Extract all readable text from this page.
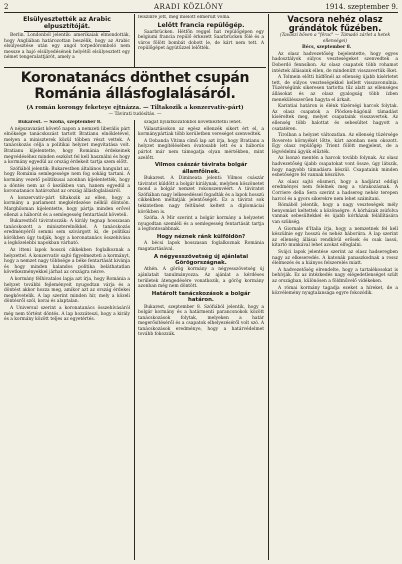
2	ARADI KÖZLÖNY	1914. szeptember 9.
Elsülyesztették az Arabic elpusztítóját.

Berlin. Londonból jelentik: amerikaiak elmondották, hogy Angliában határozottan beszélik, hogy az Arabic elsülyesztése után egy angol torpedóromboló nem messze a hajó elsülyedésének helyétől elsülyesztett egy német tengeralattjárót, amely a

felszinre jött, még mielőtt elmerült volna.

Lelőtt francia repülőgép.

Saarbrücken. Hétfőn reggel hat repülőgépen egy belgiumi francia repülő érkezett Saarbrücken fölé és a város fölött bombát dobott le, de kárt nem tett. A repülőgépet ágyútűzzel lelőtték.

Koronatanács dönthet csupán
Románia állásfoglalásáról.
(A román korongy feketeye ejtnázza. — Tiltakozik a konzervativ-párt)
— Távirati tudósítás. —

Bukarest. — Szófia, szeptember 8.

A népszavazást követő napon a nemzeti liberális párt elnöksége tanácskozást tartott Bratianu elnökletével, melyen a miniszterek közül többen részt vettek. A tanácskozás célja a politikai helyzet megvitatása volt. Bratianu kijelentette, hogy Románia érdekeinek megvédéséhez minden eszközt fel kell használni és hogy a kormány egyedül az ország érdekeit tartja szem előtt.

Szófiából jelentik: Bukarestben általános hangulat az, hogy Románia semlegessége nem fog sokáig tartani. A kormány vezető politikusai azonban kijelentették, hogy a döntés nem az ő kezükben van, hanem egyedül a koronatanács határozhat az ország állásfoglalásáról.

A konzervativ-párt tiltakozik az ellen, hogy a kormány a parlament megkérdezése nélkül döntsön. Marghiloman kijelentette, hogy pártja minden erővel ellenzi a háborút és a semlegesség fentartását követeli.

Bukarestből táviratozzák: A király tegnap hosszasan tanácskozott a miniszterelnökkel. A tanácskozás eredményéről semmi sem szivárgott ki, de politikai körökben úgy tudják, hogy a koronatanács összehívása a legközelebbi napokban várható.

Az itteni lapok hosszú cikkekben foglalkoznak a helyzettel. A konzervativ sajtó figyelmezteti a kormányt, hogy a nemzet nagy többsége a béke fentartását kivánja és hogy minden kalandos politika beláthatatlan következményekkel járhat az országra nézve.

A kormány félhivatalos lapja azt írja, hogy Románia a helyzet további fejleményeit nyugodtan várja és a döntést akkor hozza meg, amikor azt az ország érdekei megkövetelik. A lap szerint minden hír, mely a közeli döntésről szól, korai és alaptalan.

A Universul szerint a koronatanács összehívásáról még nem történt döntés. A lap hozzáteszi, hogy a király és a kormány között teljes az egyetértés.

szágát nyilatkozatokból következtetni lehet.

Választásokon az egész ellenzék sikert ért el, a kormánypártiak több kerületben vereséget szenvedtek.

A Dobanda Vitima című lap azt írja, hogy Bratianu a helyzet megítélésében óvatosabb lett és a háborús pártot már nem támogatja olyan mértékben, mint azelőtt.

Vilmos császár távirata bolgár államfőinek.

Bukarest. A Dimineata jelenti: Vilmos császár táviratot küldött a bolgár királynak, melyben köszönetet mond a bolgár nemzet rokonszenvéért. A táviratot Szófiában nagy lelkesedéssel fogadták és a lapok hosszú cikkekben méltatják jelentőségét. Ez a távirat sok tekintetben nagy feltűnést keltett a diplomáciai körökben is.

Szófia. A Mir szerint a bolgár kormány a helyzetet nyugodtan szemléli és a semlegesség fentartását tartja a legfontosabbnak.

Hogy néznek ránk külföldön?

A bécsi lapok hosszasan foglalkoznak Románia magatartásával.

A négyesszövetség új ajánlatai Görögországnak.

Athén. A görög kormány a négyesszövetség új ajánlatait tanulmányozza. Az ajánlat a kérdéses területek átengedésére vonatkozik, a görög kormány azonban még nem döntött.

Határolt tanácskozások a bolgár határon.

Bukarest, szeptember 8. Szófiából jelentik, hogy a bolgár kormány és a határmenti parancsnokok között tanácskozások folytak, melyeken a határ megerősítéséről és a csapatok elhelyezéséről volt szó. A tanácskozások eredménye, hogy a határvédelmet tovább fokozzák.

Vacsora nehéz olasz grándátok fűzében.

(Tavaszi bőven a "férac" — Támadó zárlet a hetek ellenségei)

Bécs, szeptember 8.

Az olasz hadvezetőség bejelentette, hogy egyes hadosztályok súlyos veszteségeket szenvedtek a Doberdó fennsíkon. Az olasz csapatok több rohamot intéztek állásaink ellen, de mindenütt visszavertük őket.

A Tolmein előtti hídfőnél az ellenség újabb kísérletet tett, de súlyos veszteségekkel kellett visszavonulnia. Tüzérségünk sikeresen tartotta tűz alatt az ellenséges állásokat és az olasz gyalogság több ízben menekülésszerűen hagyta el árkait.

Karintiai határon is élénk tüzérségi harcok folytak. Az olasz csapatok a Plöcken-hágónál támadást kíséreltek meg, melyet csapataink visszavertek. Az ellenség több halottat és sebesültet hagyott a csatatéren.

Tirolban a helyzet változatlan. Az ellenség tüzérsége Rovereto környékét lőtte, kárt azonban nem okozott. Egy olasz repülőgép Trient fölött megjelent, de a légvédelmi ágyúk elűzték.

Az Isonzó mentén a harcok tovább folynak. Az olasz hadvezetőség újabb csapatokat vont össze, úgy látszik, hogy nagyobb támadásra készül. Csapataink minden eshetőségre fel vannak készülve.

Az olasz sajtó elismeri, hogy a hadjárat eddigi eredményei nem felelnek meg a várakozásnak. A Corriere della Sera szerint a hadsereg nehéz terepen harcol és a gyors sikerekre nem lehet számítani.

Rómából jelentik, hogy a nagy veszteségek mély benyomást keltettek a közönségre. A kórházak zsúfolva vannak sebesültekkel és újabb kórházak felállítására van szükség.

A Giornale d'Italia írja, hogy a nemzetnek fel kell készülnie egy hosszú és nehéz háborúra. A lap szerint az ellenség állásai rendkívül erősek és csak lassú, kitartó munkával lehet azokat elfoglalni.

Svájci lapok jelentése szerint az olasz hadseregben nagy az elkeseredés. A katonák panaszkodnak a rossz élelmezés és a hiányos felszerelés miatt.

A hadvezetőség elrendelte, hogy a tartalékosokat is behívják. Ez az intézkedés nagy elégedetlenséget szült az országban, különösen a földművelő vidékeken.

A római kormány tagadja ezeket a híreket, de a közvélemény nyugtalansága egyre fokozódik.
